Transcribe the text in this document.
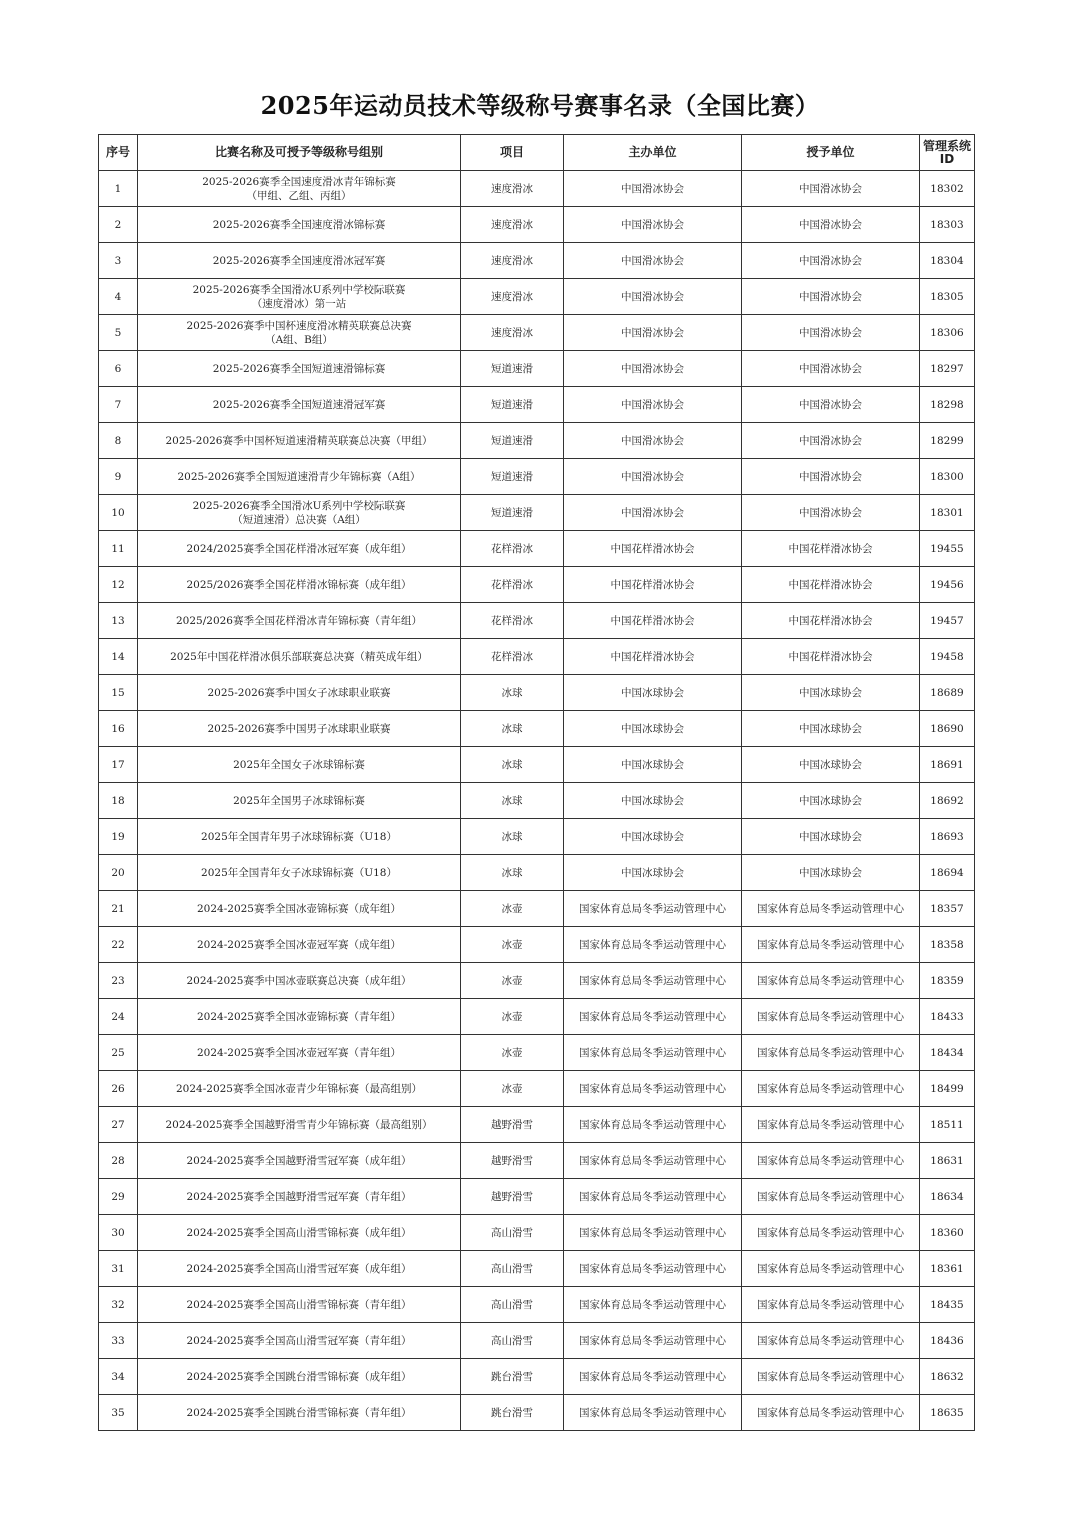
2025年运动员技术等级称号赛事名录（全国比赛）
序号	比赛名称及可授予等级称号组别	项目	主办单位	授予单位	管理系统
ID
1	2025-2026赛季全国速度滑冰青年锦标赛
（甲组、乙组、丙组）	速度滑冰	中国滑冰协会	中国滑冰协会	18302
2	2025-2026赛季全国速度滑冰锦标赛	速度滑冰	中国滑冰协会	中国滑冰协会	18303
3	2025-2026赛季全国速度滑冰冠军赛	速度滑冰	中国滑冰协会	中国滑冰协会	18304
4	2025-2026赛季全国滑冰U系列中学校际联赛
（速度滑冰）第一站	速度滑冰	中国滑冰协会	中国滑冰协会	18305
5	2025-2026赛季中国杯速度滑冰精英联赛总决赛
（A组、B组）	速度滑冰	中国滑冰协会	中国滑冰协会	18306
6	2025-2026赛季全国短道速滑锦标赛	短道速滑	中国滑冰协会	中国滑冰协会	18297
7	2025-2026赛季全国短道速滑冠军赛	短道速滑	中国滑冰协会	中国滑冰协会	18298
8	2025-2026赛季中国杯短道速滑精英联赛总决赛（甲组）	短道速滑	中国滑冰协会	中国滑冰协会	18299
9	2025-2026赛季全国短道速滑青少年锦标赛（A组）	短道速滑	中国滑冰协会	中国滑冰协会	18300
10	2025-2026赛季全国滑冰U系列中学校际联赛
（短道速滑）总决赛（A组）	短道速滑	中国滑冰协会	中国滑冰协会	18301
11	2024/2025赛季全国花样滑冰冠军赛（成年组）	花样滑冰	中国花样滑冰协会	中国花样滑冰协会	19455
12	2025/2026赛季全国花样滑冰锦标赛（成年组）	花样滑冰	中国花样滑冰协会	中国花样滑冰协会	19456
13	2025/2026赛季全国花样滑冰青年锦标赛（青年组）	花样滑冰	中国花样滑冰协会	中国花样滑冰协会	19457
14	2025年中国花样滑冰俱乐部联赛总决赛（精英成年组）	花样滑冰	中国花样滑冰协会	中国花样滑冰协会	19458
15	2025-2026赛季中国女子冰球职业联赛	冰球	中国冰球协会	中国冰球协会	18689
16	2025-2026赛季中国男子冰球职业联赛	冰球	中国冰球协会	中国冰球协会	18690
17	2025年全国女子冰球锦标赛	冰球	中国冰球协会	中国冰球协会	18691
18	2025年全国男子冰球锦标赛	冰球	中国冰球协会	中国冰球协会	18692
19	2025年全国青年男子冰球锦标赛（U18）	冰球	中国冰球协会	中国冰球协会	18693
20	2025年全国青年女子冰球锦标赛（U18）	冰球	中国冰球协会	中国冰球协会	18694
21	2024-2025赛季全国冰壶锦标赛（成年组）	冰壶	国家体育总局冬季运动管理中心	国家体育总局冬季运动管理中心	18357
22	2024-2025赛季全国冰壶冠军赛（成年组）	冰壶	国家体育总局冬季运动管理中心	国家体育总局冬季运动管理中心	18358
23	2024-2025赛季中国冰壶联赛总决赛（成年组）	冰壶	国家体育总局冬季运动管理中心	国家体育总局冬季运动管理中心	18359
24	2024-2025赛季全国冰壶锦标赛（青年组）	冰壶	国家体育总局冬季运动管理中心	国家体育总局冬季运动管理中心	18433
25	2024-2025赛季全国冰壶冠军赛（青年组）	冰壶	国家体育总局冬季运动管理中心	国家体育总局冬季运动管理中心	18434
26	2024-2025赛季全国冰壶青少年锦标赛（最高组别）	冰壶	国家体育总局冬季运动管理中心	国家体育总局冬季运动管理中心	18499
27	2024-2025赛季全国越野滑雪青少年锦标赛（最高组别）	越野滑雪	国家体育总局冬季运动管理中心	国家体育总局冬季运动管理中心	18511
28	2024-2025赛季全国越野滑雪冠军赛（成年组）	越野滑雪	国家体育总局冬季运动管理中心	国家体育总局冬季运动管理中心	18631
29	2024-2025赛季全国越野滑雪冠军赛（青年组）	越野滑雪	国家体育总局冬季运动管理中心	国家体育总局冬季运动管理中心	18634
30	2024-2025赛季全国高山滑雪锦标赛（成年组）	高山滑雪	国家体育总局冬季运动管理中心	国家体育总局冬季运动管理中心	18360
31	2024-2025赛季全国高山滑雪冠军赛（成年组）	高山滑雪	国家体育总局冬季运动管理中心	国家体育总局冬季运动管理中心	18361
32	2024-2025赛季全国高山滑雪锦标赛（青年组）	高山滑雪	国家体育总局冬季运动管理中心	国家体育总局冬季运动管理中心	18435
33	2024-2025赛季全国高山滑雪冠军赛（青年组）	高山滑雪	国家体育总局冬季运动管理中心	国家体育总局冬季运动管理中心	18436
34	2024-2025赛季全国跳台滑雪锦标赛（成年组）	跳台滑雪	国家体育总局冬季运动管理中心	国家体育总局冬季运动管理中心	18632
35	2024-2025赛季全国跳台滑雪锦标赛（青年组）	跳台滑雪	国家体育总局冬季运动管理中心	国家体育总局冬季运动管理中心	18635
